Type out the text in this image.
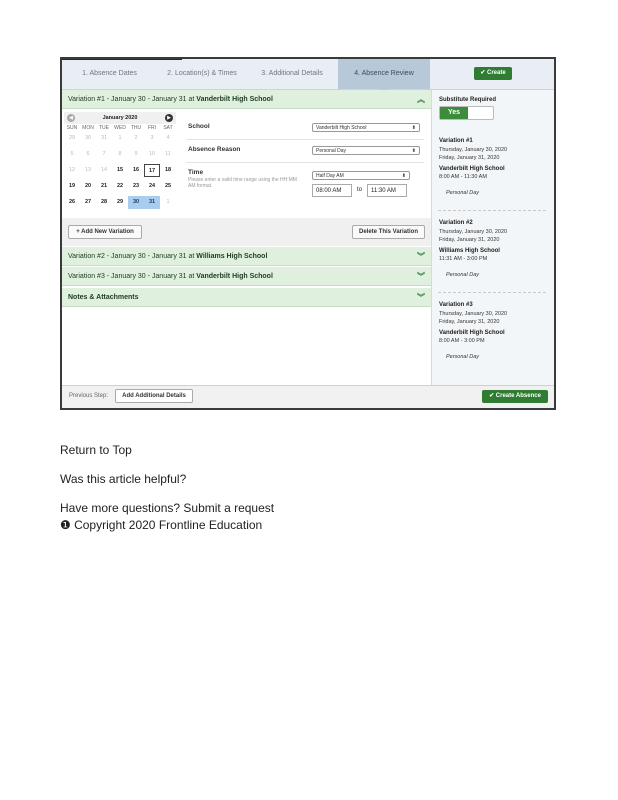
1. Absence Dates	2. Location(s) & Times	3. Additional Details	4. Absence Review	✔ Create
Variation #1 - January 30 - January 31 at Vanderbilt High School	︽
January 2020
◀	▶
SUN MON	TUE	WED	THU	FRI	SAT
29	30	31	1	2	3	4
5	6	7	8	9	10	11
12	13	14	15	16	17	18
19	20	21	22	23	24	25
26	27	28	29	30	31	1
School	Vanderbilt High School	⬍
Absence Reason	Personal Day	⬍
Time
Please enter a valid time range using the HH:MM AM format.
Half Day AM	⬍
08:00 AM	to	11:30 AM
+ Add New Variation	Delete This Variation
Variation #2 - January 30 - January 31 at Williams High School	︾
Variation #3 - January 30 - January 31 at Vanderbilt High School	︾
Notes & Attachments	︾
Substitute Required
Yes
Variation #1
Thursday, January 30, 2020
Friday, January 31, 2020
Vanderbilt High School
8:00 AM - 11:30 AM
Personal Day
Variation #2
Thursday, January 30, 2020
Friday, January 31, 2020
Williams High School
11:31 AM - 3:00 PM
Personal Day
Variation #3
Thursday, January 30, 2020
Friday, January 31, 2020
Vanderbilt High School
8:00 AM - 3:00 PM
Personal Day
Previous Step:	Add Additional Details	✔ Create Absence
Return to Top
Was this article helpful?
Have more questions? Submit a request
❶ Copyright 2020 Frontline Education
